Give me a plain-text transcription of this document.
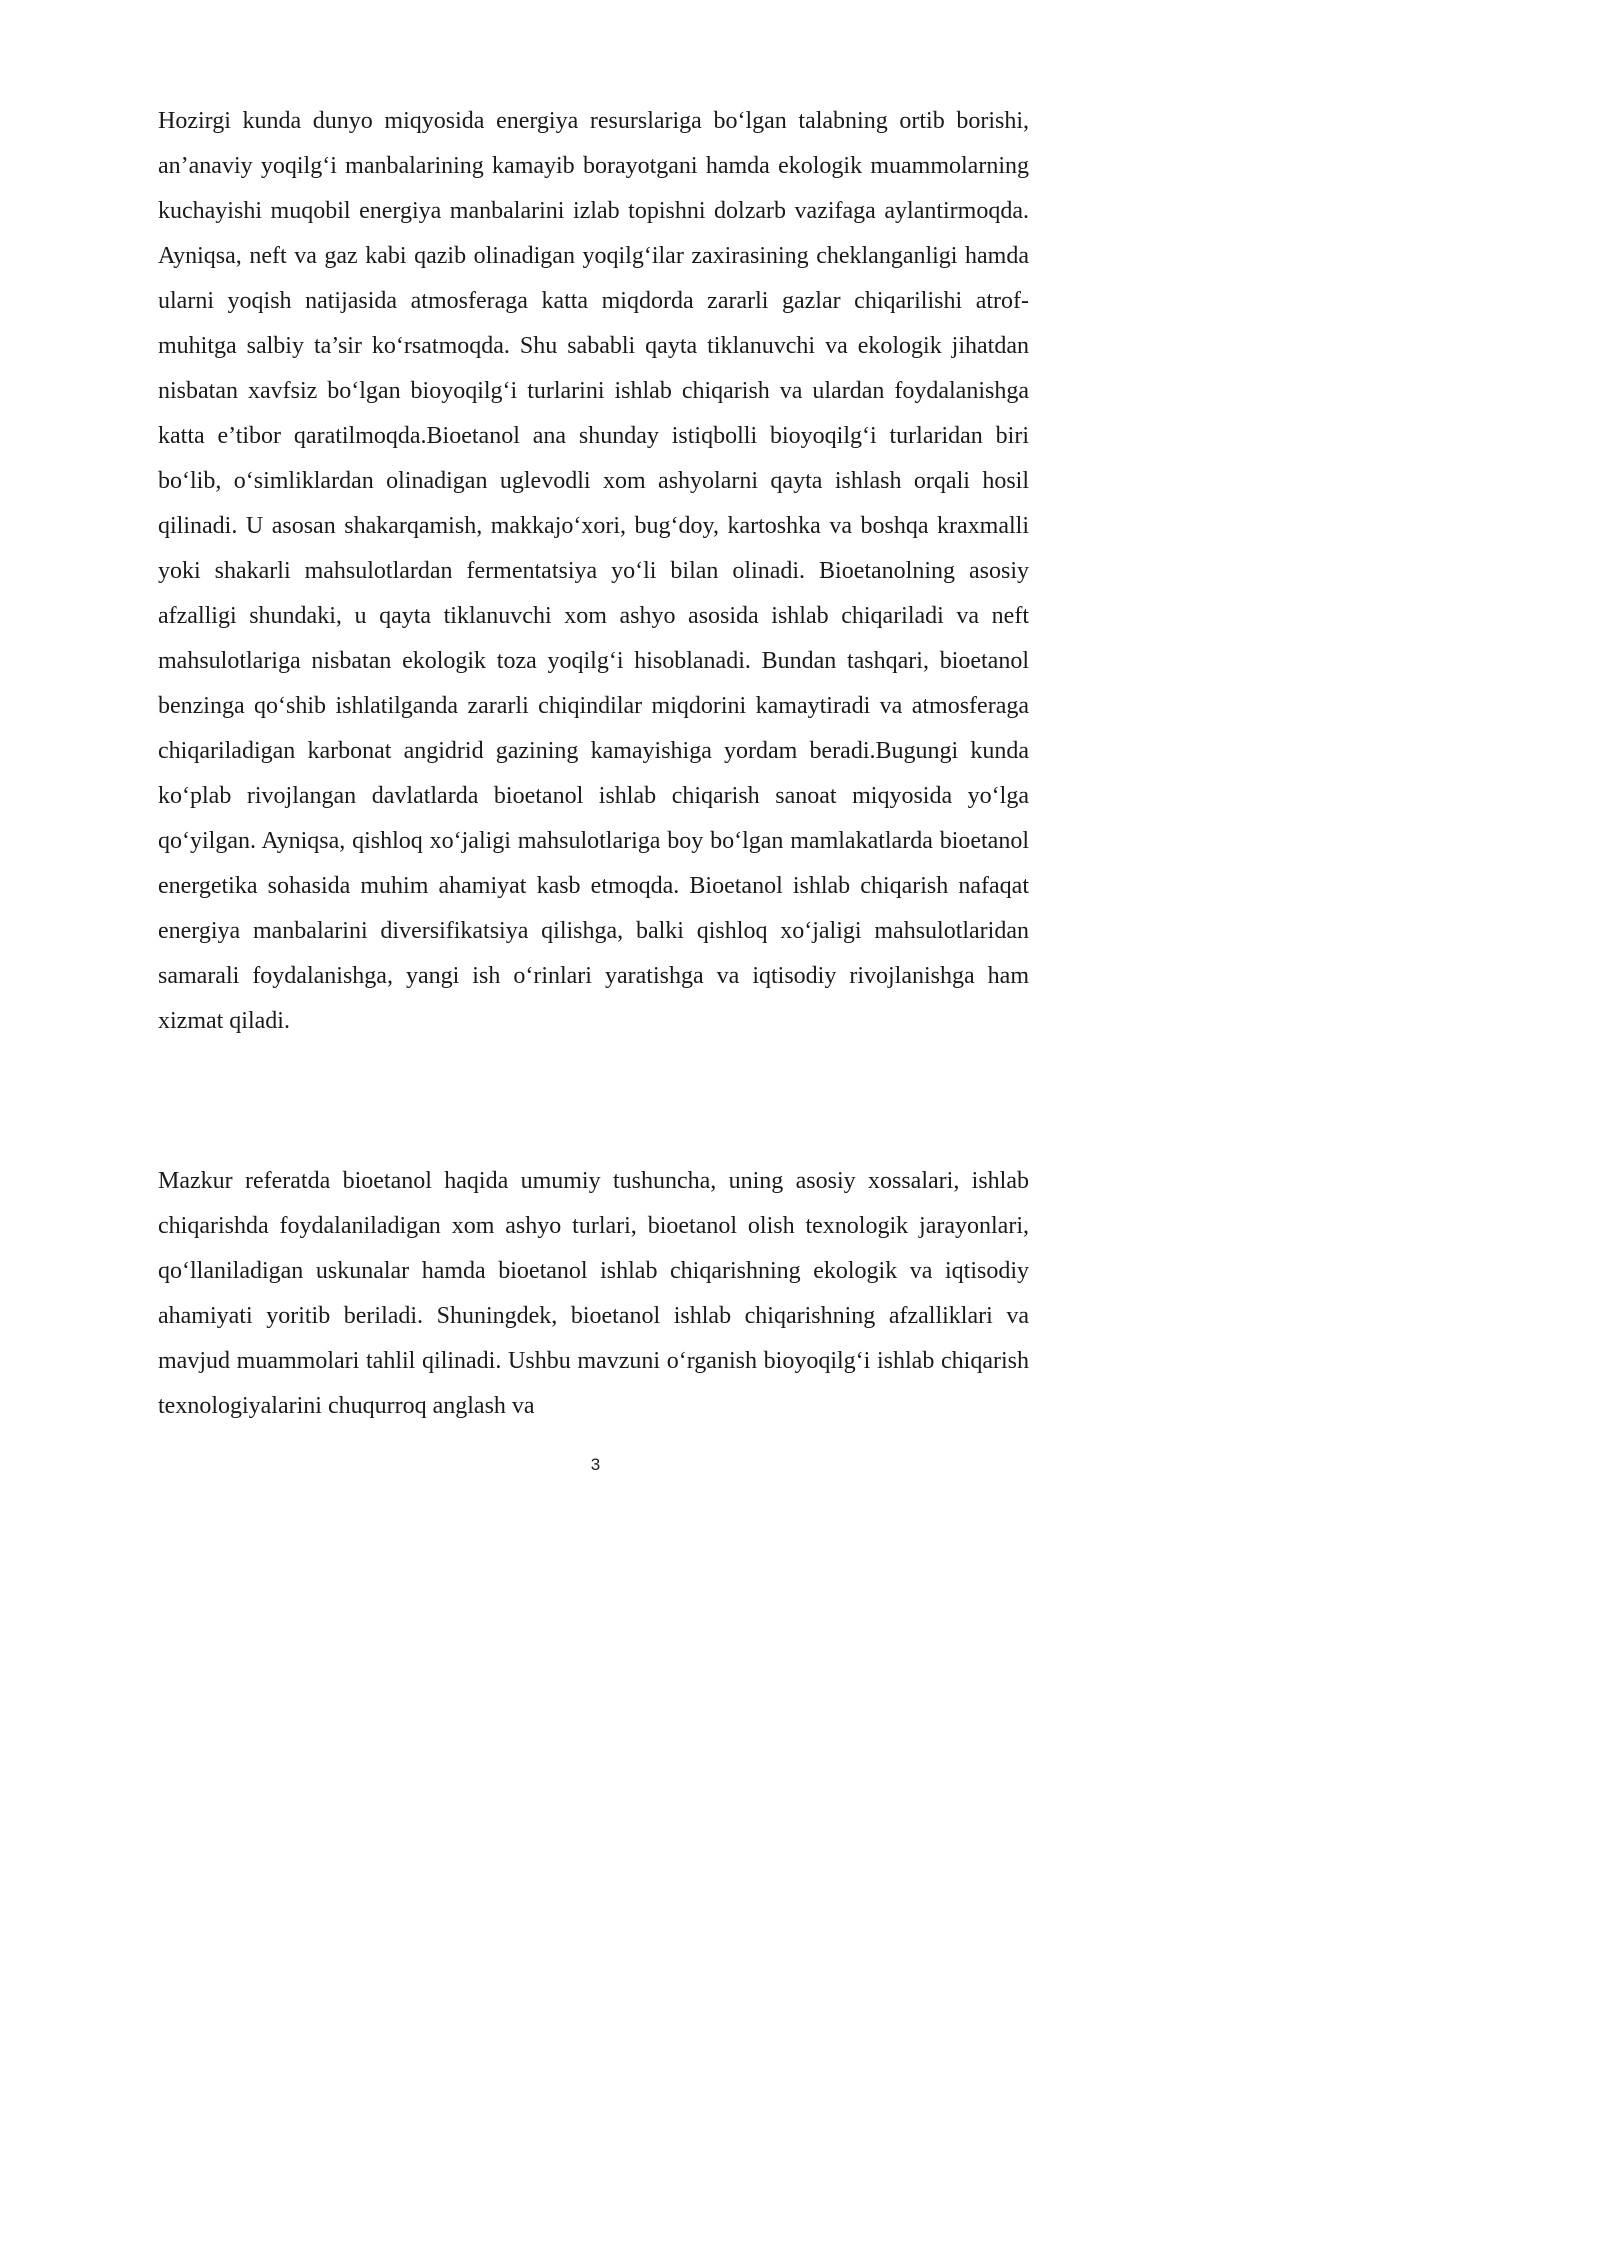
Hozirgi kunda dunyo miqyosida energiya resurslariga bo‘lgan talabning ortib borishi, an’anaviy yoqilg‘i manbalarining kamayib borayotgani hamda ekologik muammolarning kuchayishi muqobil energiya manbalarini izlab topishni dolzarb vazifaga aylantirmoqda. Ayniqsa, neft va gaz kabi qazib olinadigan yoqilg‘ilar zaxirasining cheklanganligi hamda ularni yoqish natijasida atmosferaga katta miqdorda zararli gazlar chiqarilishi atrof-muhitga salbiy ta’sir ko‘rsatmoqda. Shu sababli qayta tiklanuvchi va ekologik jihatdan nisbatan xavfsiz bo‘lgan bioyoqilg‘i turlarini ishlab chiqarish va ulardan foydalanishga katta e’tibor qaratilmoqda.Bioetanol ana shunday istiqbolli bioyoqilg‘i turlaridan biri bo‘lib, o‘simliklardan olinadigan uglevodli xom ashyolarni qayta ishlash orqali hosil qilinadi. U asosan shakarqamish, makkajo‘xori, bug‘doy, kartoshka va boshqa kraxmalli yoki shakarli mahsulotlardan fermentatsiya yo‘li bilan olinadi. Bioetanolning asosiy afzalligi shundaki, u qayta tiklanuvchi xom ashyo asosida ishlab chiqariladi va neft mahsulotlariga nisbatan ekologik toza yoqilg‘i hisoblanadi. Bundan tashqari, bioetanol benzinga qo‘shib ishlatilganda zararli chiqindilar miqdorini kamaytiradi va atmosferaga chiqariladigan karbonat angidrid gazining kamayishiga yordam beradi.Bugungi kunda ko‘plab rivojlangan davlatlarda bioetanol ishlab chiqarish sanoat miqyosida yo‘lga qo‘yilgan. Ayniqsa, qishloq xo‘jaligi mahsulotlariga boy bo‘lgan mamlakatlarda bioetanol energetika sohasida muhim ahamiyat kasb etmoqda. Bioetanol ishlab chiqarish nafaqat energiya manbalarini diversifikatsiya qilishga, balki qishloq xo‘jaligi mahsulotlaridan samarali foydalanishga, yangi ish o‘rinlari yaratishga va iqtisodiy rivojlanishga ham xizmat qiladi.

Mazkur referatda bioetanol haqida umumiy tushuncha, uning asosiy xossalari, ishlab chiqarishda foydalaniladigan xom ashyo turlari, bioetanol olish texnologik jarayonlari, qo‘llaniladigan uskunalar hamda bioetanol ishlab chiqarishning ekologik va iqtisodiy ahamiyati yoritib beriladi. Shuningdek, bioetanol ishlab chiqarishning afzalliklari va mavjud muammolari tahlil qilinadi. Ushbu mavzuni o‘rganish bioyoqilg‘i ishlab chiqarish texnologiyalarini chuqurroq anglash va

3
